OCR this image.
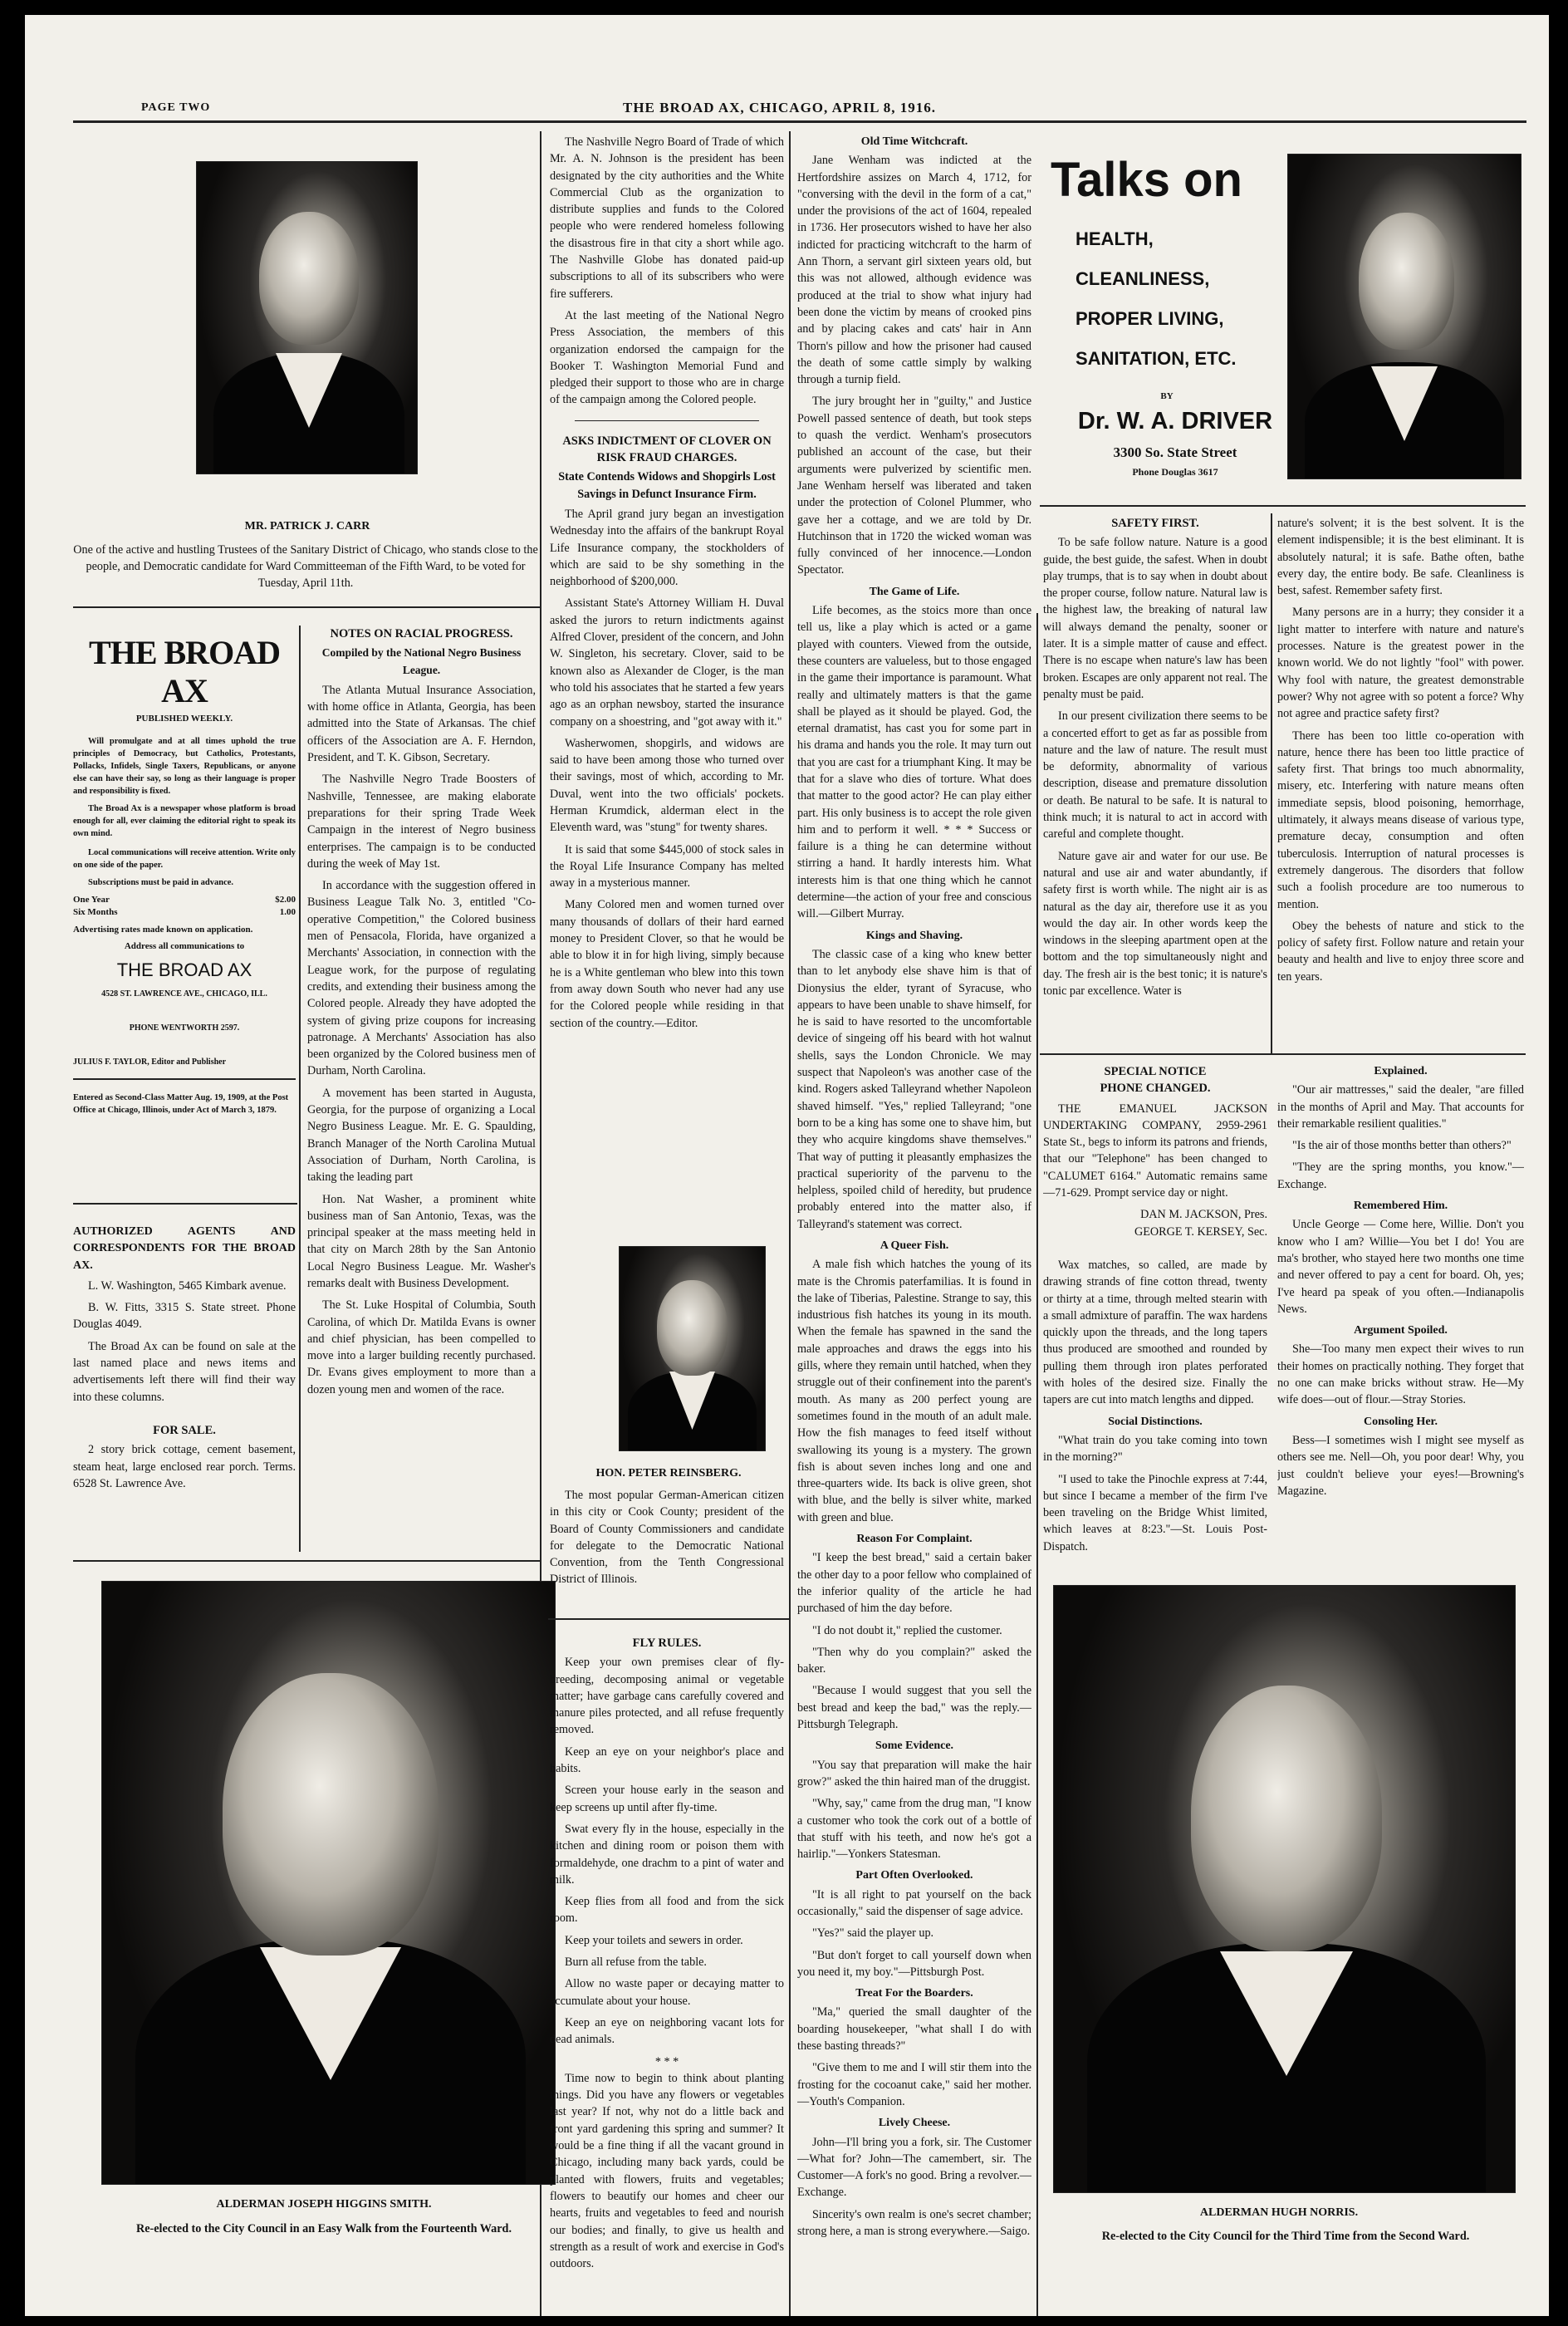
PAGE TWO	THE BROAD AX, CHICAGO, APRIL 8, 1916.
MR. PATRICK J. CARR
One of the active and hustling Trustees of the Sanitary District of Chicago, who stands close to the people, and Democratic candidate for Ward Committeeman of the Fifth Ward, to be voted for Tuesday, April 11th.
THE BROAD AX
PUBLISHED WEEKLY.

Will promulgate and at all times uphold the true principles of Democracy, but Catholics, Protestants, Pollacks, Infidels, Single Taxers, Republicans, or anyone else can have their say, so long as their language is proper and responsibility is fixed.

The Broad Ax is a newspaper whose platform is broad enough for all, ever claiming the editorial right to speak its own mind.

Local communications will receive attention. Write only on one side of the paper.

Subscriptions must be paid in advance.

One Year	$2.00
Six Months	1.00
Advertising rates made known on application.
Address all communications to
THE BROAD AX
4528 ST. LAWRENCE AVE., CHICAGO, ILL.
PHONE WENTWORTH 2597.
JULIUS F. TAYLOR, Editor and Publisher
Entered as Second-Class Matter Aug. 19, 1909, at the Post Office at Chicago, Illinois, under Act of March 3, 1879.
AUTHORIZED AGENTS AND CORRESPONDENTS FOR THE BROAD AX.

L. W. Washington, 5465 Kimbark avenue.

B. W. Fitts, 3315 S. State street. Phone Douglas 4049.

The Broad Ax can be found on sale at the last named place and news items and advertisements left there will find their way into these columns.

FOR SALE.

2 story brick cottage, cement basement, steam heat, large enclosed rear porch. Terms. 6528 St. Lawrence Ave.

NOTES ON RACIAL PROGRESS.
Compiled by the National Negro Business League.

The Atlanta Mutual Insurance Association, with home office in Atlanta, Georgia, has been admitted into the State of Arkansas. The chief officers of the Association are A. F. Herndon, President, and T. K. Gibson, Secretary.

The Nashville Negro Trade Boosters of Nashville, Tennessee, are making elaborate preparations for their spring Trade Week Campaign in the interest of Negro business enterprises. The campaign is to be conducted during the week of May 1st.

In accordance with the suggestion offered in Business League Talk No. 3, entitled "Co-operative Competition," the Colored business men of Pensacola, Florida, have organized a Merchants' Association, in connection with the League work, for the purpose of regulating credits, and extending their business among the Colored people. Already they have adopted the system of giving prize coupons for increasing patronage. A Merchants' Association has also been organized by the Colored business men of Durham, North Carolina.

A movement has been started in Augusta, Georgia, for the purpose of organizing a Local Negro Business League. Mr. E. G. Spaulding, Branch Manager of the North Carolina Mutual Association of Durham, North Carolina, is taking the leading part

Hon. Nat Washer, a prominent white business man of San Antonio, Texas, was the principal speaker at the mass meeting held in that city on March 28th by the San Antonio Local Negro Business League. Mr. Washer's remarks dealt with Business Development.

The St. Luke Hospital of Columbia, South Carolina, of which Dr. Matilda Evans is owner and chief physician, has been compelled to move into a larger building recently purchased. Dr. Evans gives employment to more than a dozen young men and women of the race.

ALDERMAN JOSEPH HIGGINS SMITH.
Re-elected to the City Council in an Easy Walk from the Fourteenth Ward.

The Nashville Negro Board of Trade of which Mr. A. N. Johnson is the president has been designated by the city authorities and the White Commercial Club as the organization to distribute supplies and funds to the Colored people who were rendered homeless following the disastrous fire in that city a short while ago. The Nashville Globe has donated paid-up subscriptions to all of its subscribers who were fire sufferers.

At the last meeting of the National Negro Press Association, the members of this organization endorsed the campaign for the Booker T. Washington Memorial Fund and pledged their support to those who are in charge of the campaign among the Colored people.

ASKS INDICTMENT OF CLOVER ON RISK FRAUD CHARGES.
State Contends Widows and Shopgirls Lost Savings in Defunct Insurance Firm.

The April grand jury began an investigation Wednesday into the affairs of the bankrupt Royal Life Insurance company, the stockholders of which are said to be shy something in the neighborhood of $200,000.

Assistant State's Attorney William H. Duval asked the jurors to return indictments against Alfred Clover, president of the concern, and John W. Singleton, his secretary. Clover, said to be known also as Alexander de Cloger, is the man who told his associates that he started a few years ago as an orphan newsboy, started the insurance company on a shoestring, and "got away with it."

Washerwomen, shopgirls, and widows are said to have been among those who turned over their savings, most of which, according to Mr. Duval, went into the two officials' pockets. Herman Krumdick, alderman elect in the Eleventh ward, was "stung" for twenty shares.

It is said that some $445,000 of stock sales in the Royal Life Insurance Company has melted away in a mysterious manner.

Many Colored men and women turned over many thousands of dollars of their hard earned money to President Clover, so that he would be able to blow it in for high living, simply because he is a White gentleman who blew into this town from away down South who never had any use for the Colored people while residing in that section of the country.—Editor.

HON. PETER REINSBERG.

The most popular German-American citizen in this city or Cook County; president of the Board of County Commissioners and candidate for delegate to the Democratic National Convention, from the Tenth Congressional District of Illinois.

FLY RULES.

Keep your own premises clear of fly-breeding, decomposing animal or vegetable matter; have garbage cans carefully covered and manure piles protected, and all refuse frequently removed.

Keep an eye on your neighbor's place and habits.

Screen your house early in the season and keep screens up until after fly-time.

Swat every fly in the house, especially in the kitchen and dining room or poison them with formaldehyde, one drachm to a pint of water and milk.

Keep flies from all food and from the sick room.

Keep your toilets and sewers in order.

Burn all refuse from the table.

Allow no waste paper or decaying matter to accumulate about your house.

Keep an eye on neighboring vacant lots for dead animals.

* * *

Time now to begin to think about planting things. Did you have any flowers or vegetables last year? If not, why not do a little back and front yard gardening this spring and summer? It would be a fine thing if all the vacant ground in Chicago, including many back yards, could be planted with flowers, fruits and vegetables; flowers to beautify our homes and cheer our hearts, fruits and vegetables to feed and nourish our bodies; and finally, to give us health and strength as a result of work and exercise in God's outdoors.

Old Time Witchcraft.

Jane Wenham was indicted at the Hertfordshire assizes on March 4, 1712, for "conversing with the devil in the form of a cat," under the provisions of the act of 1604, repealed in 1736. Her prosecutors wished to have her also indicted for practicing witchcraft to the harm of Ann Thorn, a servant girl sixteen years old, but this was not allowed, although evidence was produced at the trial to show what injury had been done the victim by means of crooked pins and by placing cakes and cats' hair in Ann Thorn's pillow and how the prisoner had caused the death of some cattle simply by walking through a turnip field.

The jury brought her in "guilty," and Justice Powell passed sentence of death, but took steps to quash the verdict. Wenham's prosecutors published an account of the case, but their arguments were pulverized by scientific men. Jane Wenham herself was liberated and taken under the protection of Colonel Plummer, who gave her a cottage, and we are told by Dr. Hutchinson that in 1720 the wicked woman was fully convinced of her innocence.—London Spectator.

The Game of Life.

Life becomes, as the stoics more than once tell us, like a play which is acted or a game played with counters. Viewed from the outside, these counters are valueless, but to those engaged in the game their importance is paramount. What really and ultimately matters is that the game shall be played as it should be played. God, the eternal dramatist, has cast you for some part in his drama and hands you the role. It may turn out that you are cast for a triumphant King. It may be that for a slave who dies of torture. What does that matter to the good actor? He can play either part. His only business is to accept the role given him and to perform it well. * * * Success or failure is a thing he can determine without stirring a hand. It hardly interests him. What interests him is that one thing which he cannot determine—the action of your free and conscious will.—Gilbert Murray.

Kings and Shaving.

The classic case of a king who knew better than to let anybody else shave him is that of Dionysius the elder, tyrant of Syracuse, who appears to have been unable to shave himself, for he is said to have resorted to the uncomfortable device of singeing off his beard with hot walnut shells, says the London Chronicle. We may suspect that Napoleon's was another case of the kind. Rogers asked Talleyrand whether Napoleon shaved himself. "Yes," replied Talleyrand; "one born to be a king has some one to shave him, but they who acquire kingdoms shave themselves." That way of putting it pleasantly emphasizes the practical superiority of the parvenu to the helpless, spoiled child of heredity, but prudence probably entered into the matter also, if Talleyrand's statement was correct.

A Queer Fish.

A male fish which hatches the young of its mate is the Chromis paterfamilias. It is found in the lake of Tiberias, Palestine. Strange to say, this industrious fish hatches its young in its mouth. When the female has spawned in the sand the male approaches and draws the eggs into his gills, where they remain until hatched, when they struggle out of their confinement into the parent's mouth. As many as 200 perfect young are sometimes found in the mouth of an adult male. How the fish manages to feed itself without swallowing its young is a mystery. The grown fish is about seven inches long and one and three-quarters wide. Its back is olive green, shot with blue, and the belly is silver white, marked with green and blue.

Reason For Complaint.

"I keep the best bread," said a certain baker the other day to a poor fellow who complained of the inferior quality of the article he had purchased of him the day before.

"I do not doubt it," replied the customer.

"Then why do you complain?" asked the baker.

"Because I would suggest that you sell the best bread and keep the bad," was the reply.—Pittsburgh Telegraph.

Some Evidence.

"You say that preparation will make the hair grow?" asked the thin haired man of the druggist.

"Why, say," came from the drug man, "I know a customer who took the cork out of a bottle of that stuff with his teeth, and now he's got a hairlip."—Yonkers Statesman.

Part Often Overlooked.

"It is all right to pat yourself on the back occasionally," said the dispenser of sage advice.

"Yes?" said the player up.

"But don't forget to call yourself down when you need it, my boy."—Pittsburgh Post.

Treat For the Boarders.

"Ma," queried the small daughter of the boarding housekeeper, "what shall I do with these basting threads?"

"Give them to me and I will stir them into the frosting for the cocoanut cake," said her mother.—Youth's Companion.

Lively Cheese.

John—I'll bring you a fork, sir. The Customer—What for? John—The camembert, sir. The Customer—A fork's no good. Bring a revolver.—Exchange.

Sincerity's own realm is one's secret chamber; strong here, a man is strong everywhere.—Saigo.

Talks on
HEALTH,
CLEANLINESS,
PROPER LIVING,
SANITATION, ETC.
BY
Dr. W. A. DRIVER
3300 So. State Street
Phone Douglas 3617
SAFETY FIRST.

To be safe follow nature. Nature is a good guide, the best guide, the safest. When in doubt play trumps, that is to say when in doubt about the proper course, follow nature. Natural law is the highest law, the breaking of natural law will always demand the penalty, sooner or later. It is a simple matter of cause and effect. There is no escape when nature's law has been broken. Escapes are only apparent not real. The penalty must be paid.

In our present civilization there seems to be a concerted effort to get as far as possible from nature and the law of nature. The result must be deformity, abnormality of various description, disease and premature dissolution or death. Be natural to be safe. It is natural to think much; it is natural to act in accord with careful and complete thought.

Nature gave air and water for our use. Be natural and use air and water abundantly, if safety first is worth while. The night air is as natural as the day air, therefore use it as you would the day air. In other words keep the windows in the sleeping apartment open at the bottom and the top simultaneously night and day. The fresh air is the best tonic; it is nature's tonic par excellence. Water is

nature's solvent; it is the best solvent. It is the element indispensible; it is the best eliminant. It is absolutely natural; it is safe. Bathe often, bathe every day, the entire body. Be safe. Cleanliness is best, safest. Remember safety first.

Many persons are in a hurry; they consider it a light matter to interfere with nature and nature's processes. Nature is the greatest power in the known world. We do not lightly "fool" with power. Why fool with nature, the greatest demonstrable power? Why not agree with so potent a force? Why not agree and practice safety first?

There has been too little co-operation with nature, hence there has been too little practice of safety first. That brings too much abnormality, misery, etc. Interfering with nature means often immediate sepsis, blood poisoning, hemorrhage, ultimately, it always means disease of various type, premature decay, consumption and often tuberculosis. Interruption of natural processes is extremely dangerous. The disorders that follow such a foolish procedure are too numerous to mention.

Obey the behests of nature and stick to the policy of safety first. Follow nature and retain your beauty and health and live to enjoy three score and ten years.

SPECIAL NOTICE
PHONE CHANGED.

THE EMANUEL JACKSON UNDERTAKING COMPANY, 2959-2961 State St., begs to inform its patrons and friends, that our "Telephone" has been changed to "CALUMET 6164." Automatic remains same—71-629. Prompt service day or night.

DAN M. JACKSON, Pres.
GEORGE T. KERSEY, Sec.

Wax matches, so called, are made by drawing strands of fine cotton thread, twenty or thirty at a time, through melted stearin with a small admixture of paraffin. The wax hardens quickly upon the threads, and the long tapers thus produced are smoothed and rounded by pulling them through iron plates perforated with holes of the desired size. Finally the tapers are cut into match lengths and dipped.

Social Distinctions.

"What train do you take coming into town in the morning?"

"I used to take the Pinochle express at 7:44, but since I became a member of the firm I've been traveling on the Bridge Whist limited, which leaves at 8:23."—St. Louis Post-Dispatch.

Explained.

"Our air mattresses," said the dealer, "are filled in the months of April and May. That accounts for their remarkable resilient qualities."

"Is the air of those months better than others?"

"They are the spring months, you know."—Exchange.

Remembered Him.

Uncle George — Come here, Willie. Don't you know who I am? Willie—You bet I do! You are ma's brother, who stayed here two months one time and never offered to pay a cent for board. Oh, yes; I've heard pa speak of you often.—Indianapolis News.

Argument Spoiled.

She—Too many men expect their wives to run their homes on practically nothing. They forget that no one can make bricks without straw. He—My wife does—out of flour.—Stray Stories.

Consoling Her.

Bess—I sometimes wish I might see myself as others see me. Nell—Oh, you poor dear! Why, you just couldn't believe your eyes!—Browning's Magazine.

ALDERMAN HUGH NORRIS.
Re-elected to the City Council for the Third Time from the Second Ward.
